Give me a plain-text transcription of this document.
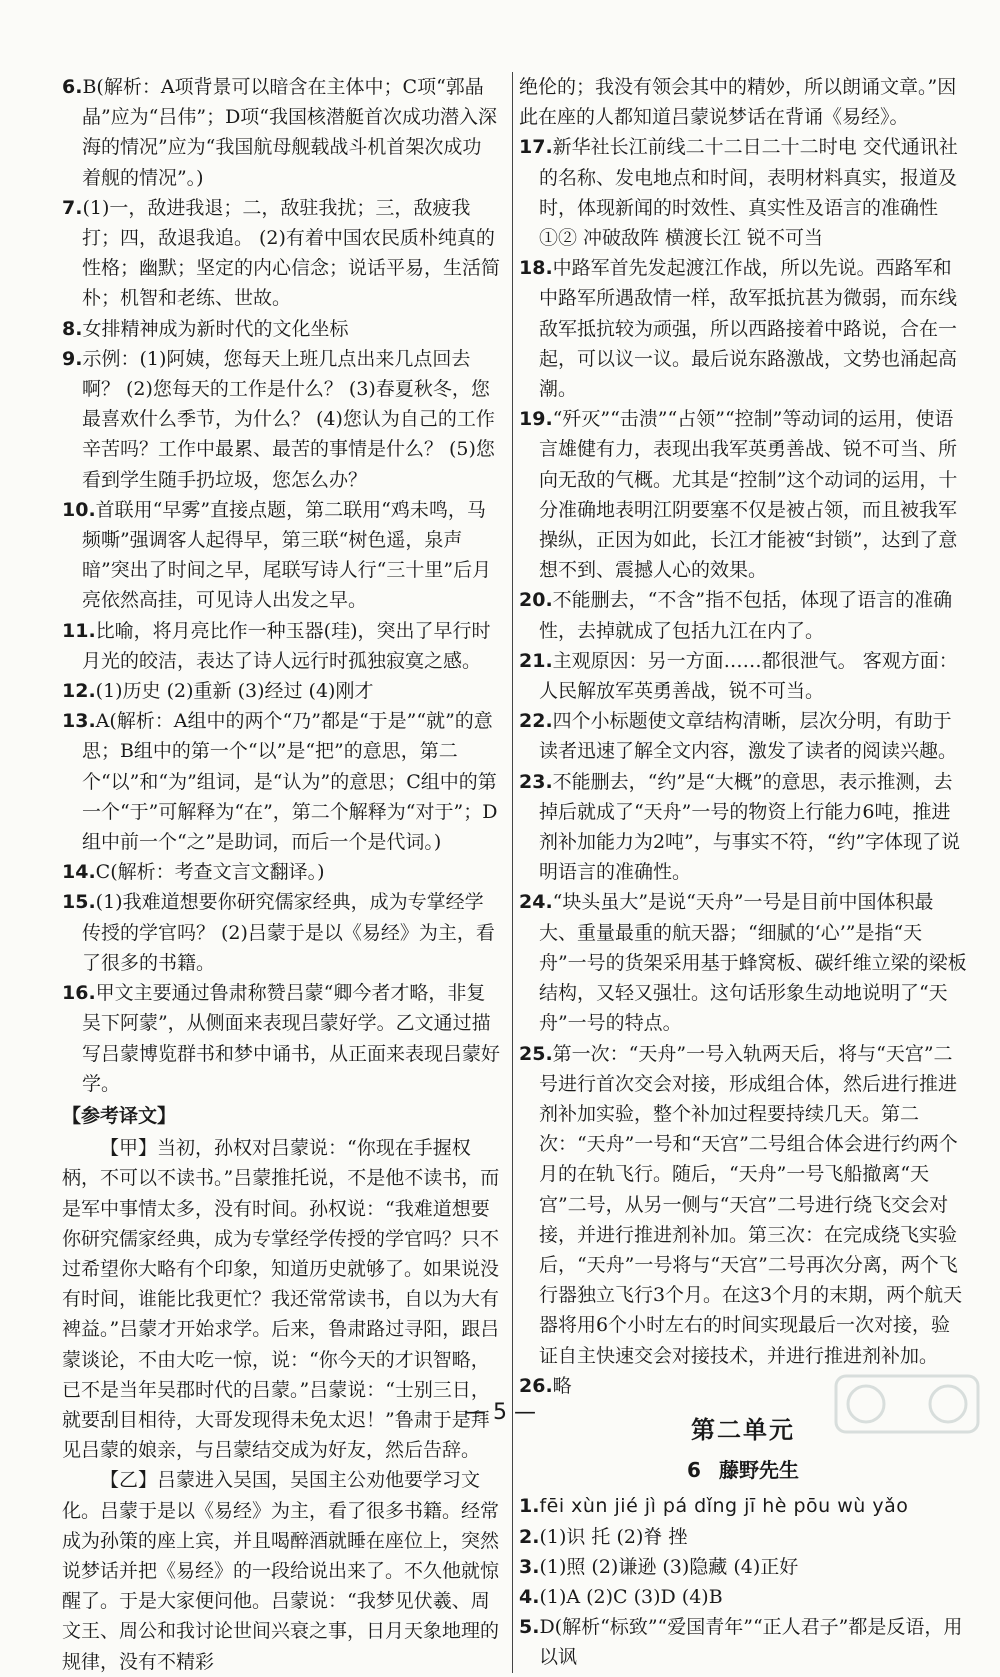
6.B(解析：A项背景可以暗含在主体中；C项“郭晶晶”应为“吕伟”；D项“我国核潜艇首次成功潜入深海的情况”应为“我国航母舰载战斗机首架次成功着舰的情况”。)

7.(1)一，敌进我退；二，敌驻我扰；三，敌疲我打；四，敌退我追。 (2)有着中国农民质朴纯真的性格；幽默；坚定的内心信念；说话平易，生活简朴；机智和老练、世故。

8.女排精神成为新时代的文化坐标

9.示例：(1)阿姨，您每天上班几点出来几点回去啊？ (2)您每天的工作是什么？ (3)春夏秋冬，您最喜欢什么季节，为什么？ (4)您认为自己的工作辛苦吗？工作中最累、最苦的事情是什么？ (5)您看到学生随手扔垃圾，您怎么办？

10.首联用“早雾”直接点题，第二联用“鸡未鸣，马频嘶”强调客人起得早，第三联“树色遥，泉声暗”突出了时间之早，尾联写诗人行“三十里”后月亮依然高挂，可见诗人出发之早。

11.比喻，将月亮比作一种玉器(珪)，突出了早行时月光的皎洁，表达了诗人远行时孤独寂寞之感。

12.(1)历史 (2)重新 (3)经过 (4)刚才

13.A(解析：A组中的两个“乃”都是“于是”“就”的意思；B组中的第一个“以”是“把”的意思，第二个“以”和“为”组词，是“认为”的意思；C组中的第一个“于”可解释为“在”，第二个解释为“对于”；D组中前一个“之”是助词，而后一个是代词。)

14.C(解析：考查文言文翻译。)

15.(1)我难道想要你研究儒家经典，成为专掌经学传授的学官吗？ (2)吕蒙于是以《易经》为主，看了很多的书籍。

16.甲文主要通过鲁肃称赞吕蒙“卿今者才略，非复吴下阿蒙”，从侧面来表现吕蒙好学。乙文通过描写吕蒙博览群书和梦中诵书，从正面来表现吕蒙好学。

【参考译文】

【甲】当初，孙权对吕蒙说：“你现在手握权柄，不可以不读书。”吕蒙推托说，不是他不读书，而是军中事情太多，没有时间。孙权说：“我难道想要你研究儒家经典，成为专掌经学传授的学官吗？只不过希望你大略有个印象，知道历史就够了。如果说没有时间，谁能比我更忙？我还常常读书，自以为大有裨益。”吕蒙才开始求学。后来，鲁肃路过寻阳，跟吕蒙谈论，不由大吃一惊，说：“你今天的才识智略，已不是当年吴郡时代的吕蒙。”吕蒙说：“士别三日，就要刮目相待，大哥发现得未免太迟！”鲁肃于是拜见吕蒙的娘亲，与吕蒙结交成为好友，然后告辞。

【乙】吕蒙进入吴国，吴国主公劝他要学习文化。吕蒙于是以《易经》为主，看了很多书籍。经常成为孙策的座上宾，并且喝醉酒就睡在座位上，突然说梦话并把《易经》的一段给说出来了。不久他就惊醒了。于是大家便问他。吕蒙说：“我梦见伏羲、周文王、周公和我讨论世间兴衰之事，日月天象地理的规律，没有不精彩

绝伦的；我没有领会其中的精妙，所以朗诵文章。”因此在座的人都知道吕蒙说梦话在背诵《易经》。

17.新华社长江前线二十二日二十二时电 交代通讯社的名称、发电地点和时间，表明材料真实，报道及时，体现新闻的时效性、真实性及语言的准确性 ①② 冲破敌阵 横渡长江 锐不可当

18.中路军首先发起渡江作战，所以先说。西路军和中路军所遇敌情一样，敌军抵抗甚为微弱，而东线敌军抵抗较为顽强，所以西路接着中路说，合在一起，可以议一议。最后说东路激战，文势也涌起高潮。

19.“歼灭”“击溃”“占领”“控制”等动词的运用，使语言雄健有力，表现出我军英勇善战、锐不可当、所向无敌的气概。尤其是“控制”这个动词的运用，十分准确地表明江阴要塞不仅是被占领，而且被我军操纵，正因为如此，长江才能被“封锁”，达到了意想不到、震撼人心的效果。

20.不能删去，“不含”指不包括，体现了语言的准确性，去掉就成了包括九江在内了。

21.主观原因：另一方面……都很泄气。 客观方面：人民解放军英勇善战，锐不可当。

22.四个小标题使文章结构清晰，层次分明，有助于读者迅速了解全文内容，激发了读者的阅读兴趣。

23.不能删去，“约”是“大概”的意思，表示推测，去掉后就成了“天舟”一号的物资上行能力6吨，推进剂补加能力为2吨”，与事实不符，“约”字体现了说明语言的准确性。

24.“块头虽大”是说“天舟”一号是目前中国体积最大、重量最重的航天器；“细腻的‘心’”是指“天舟”一号的货架采用基于蜂窝板、碳纤维立梁的梁板结构，又轻又强壮。这句话形象生动地说明了“天舟”一号的特点。

25.第一次：“天舟”一号入轨两天后，将与“天宫”二号进行首次交会对接，形成组合体，然后进行推进剂补加实验，整个补加过程要持续几天。第二次：“天舟”一号和“天宫”二号组合体会进行约两个月的在轨飞行。随后，“天舟”一号飞船撤离“天宫”二号，从另一侧与“天宫”二号进行绕飞交会对接，并进行推进剂补加。第三次：在完成绕飞实验后，“天舟”一号将与“天宫”二号再次分离，两个飞行器独立飞行3个月。在这3个月的末期，两个航天器将用6个小时左右的时间实现最后一次对接，验证自主快速交会对接技术，并进行推进剂补加。

26.略

第二单元
6 藤野先生

1.fēi xùn jié jì pá dǐng jī hè pōu wù yǎo

2.(1)识 托 (2)脊 挫

3.(1)照 (2)谦逊 (3)隐藏 (4)正好

4.(1)A (2)C (3)D (4)B

5.D(解析“标致”“爱国青年”“正人君子”都是反语，用以讽

— 5 —
